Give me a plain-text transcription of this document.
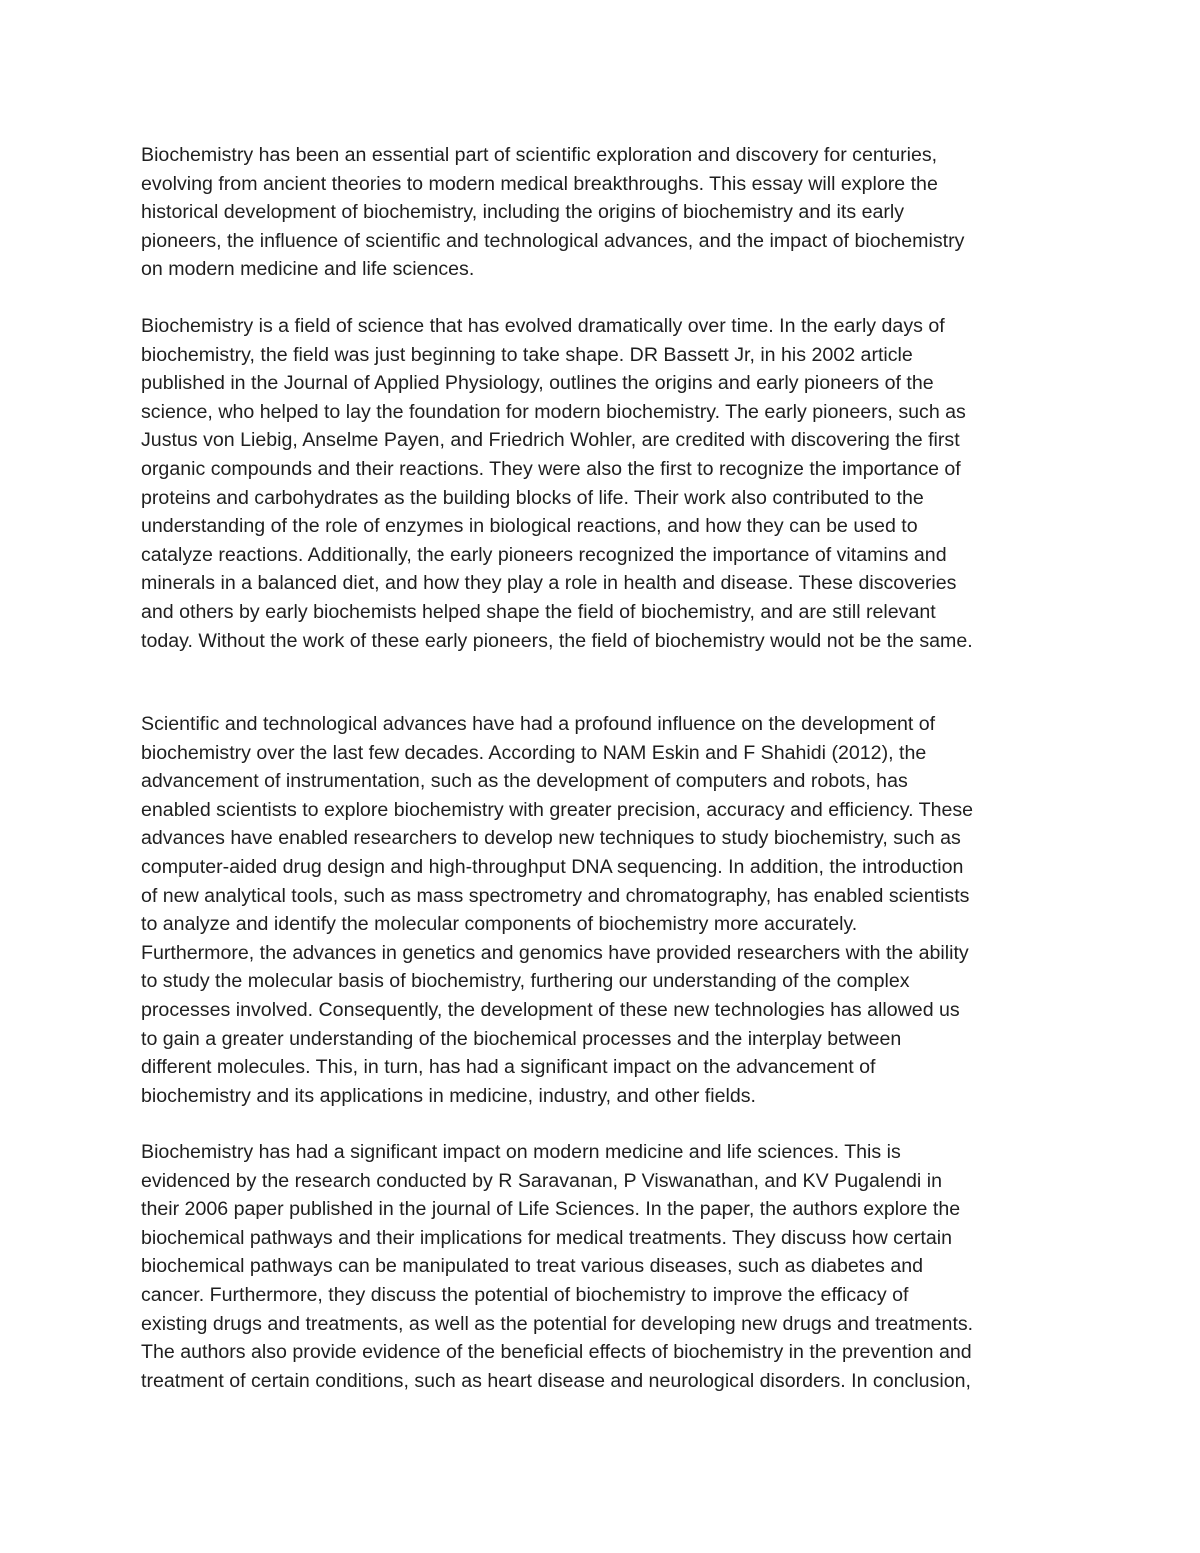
Biochemistry has been an essential part of scientific exploration and discovery for centuries,
evolving from ancient theories to modern medical breakthroughs. This essay will explore the
historical development of biochemistry, including the origins of biochemistry and its early
pioneers, the influence of scientific and technological advances, and the impact of biochemistry
on modern medicine and life sciences.

Biochemistry is a field of science that has evolved dramatically over time. In the early days of
biochemistry, the field was just beginning to take shape. DR Bassett Jr, in his 2002 article
published in the Journal of Applied Physiology, outlines the origins and early pioneers of the
science, who helped to lay the foundation for modern biochemistry. The early pioneers, such as
Justus von Liebig, Anselme Payen, and Friedrich Wohler, are credited with discovering the first
organic compounds and their reactions. They were also the first to recognize the importance of
proteins and carbohydrates as the building blocks of life. Their work also contributed to the
understanding of the role of enzymes in biological reactions, and how they can be used to
catalyze reactions. Additionally, the early pioneers recognized the importance of vitamins and
minerals in a balanced diet, and how they play a role in health and disease. These discoveries
and others by early biochemists helped shape the field of biochemistry, and are still relevant
today. Without the work of these early pioneers, the field of biochemistry would not be the same.

Scientific and technological advances have had a profound influence on the development of
biochemistry over the last few decades. According to NAM Eskin and F Shahidi (2012), the
advancement of instrumentation, such as the development of computers and robots, has
enabled scientists to explore biochemistry with greater precision, accuracy and efficiency. These
advances have enabled researchers to develop new techniques to study biochemistry, such as
computer-aided drug design and high-throughput DNA sequencing. In addition, the introduction
of new analytical tools, such as mass spectrometry and chromatography, has enabled scientists
to analyze and identify the molecular components of biochemistry more accurately.
Furthermore, the advances in genetics and genomics have provided researchers with the ability
to study the molecular basis of biochemistry, furthering our understanding of the complex
processes involved. Consequently, the development of these new technologies has allowed us
to gain a greater understanding of the biochemical processes and the interplay between
different molecules. This, in turn, has had a significant impact on the advancement of
biochemistry and its applications in medicine, industry, and other fields.

Biochemistry has had a significant impact on modern medicine and life sciences. This is
evidenced by the research conducted by R Saravanan, P Viswanathan, and KV Pugalendi in
their 2006 paper published in the journal of Life Sciences. In the paper, the authors explore the
biochemical pathways and their implications for medical treatments. They discuss how certain
biochemical pathways can be manipulated to treat various diseases, such as diabetes and
cancer. Furthermore, they discuss the potential of biochemistry to improve the efficacy of
existing drugs and treatments, as well as the potential for developing new drugs and treatments.
The authors also provide evidence of the beneficial effects of biochemistry in the prevention and
treatment of certain conditions, such as heart disease and neurological disorders. In conclusion,
